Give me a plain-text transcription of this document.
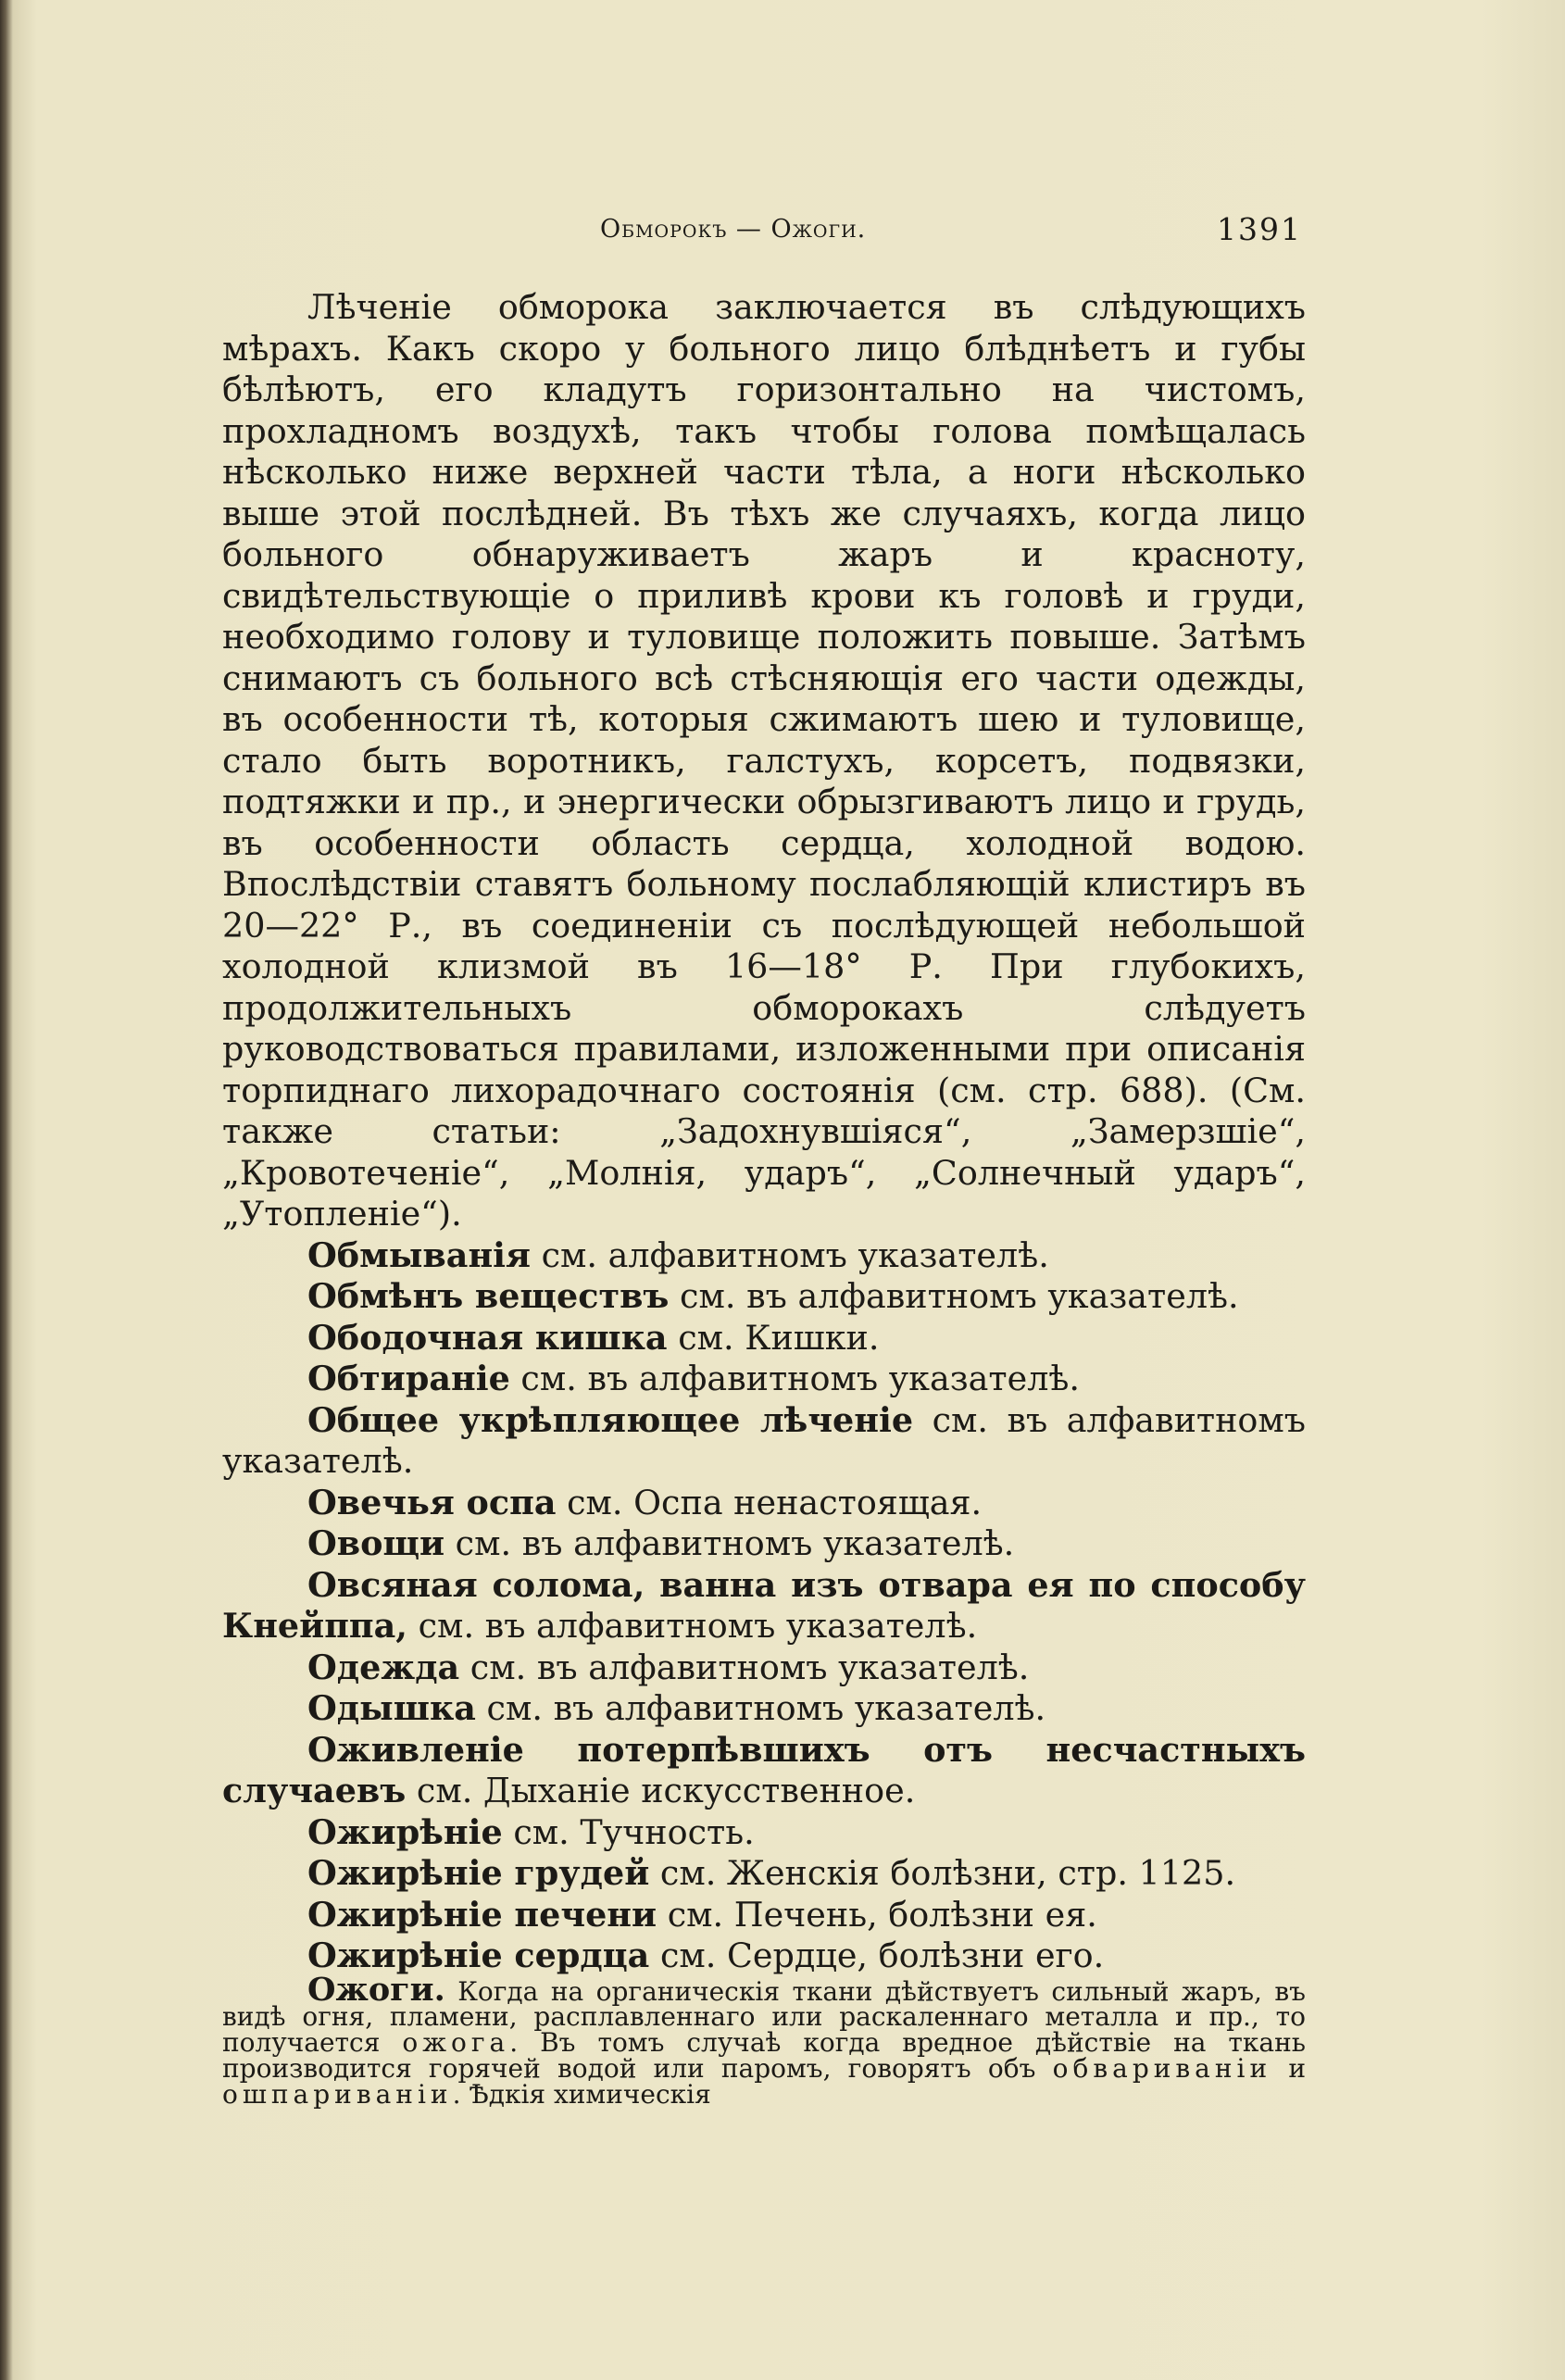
Обморокъ — Ожоги.	1391

Лѣченіе обморока заключается въ слѣдующихъ мѣрахъ. Какъ скоро у больного лицо блѣднѣетъ и губы бѣлѣютъ, его кладутъ горизонтально на чистомъ, прохладномъ воздухѣ, такъ чтобы голова помѣщалась нѣсколько ниже верхней части тѣла, а ноги нѣсколько выше этой послѣдней. Въ тѣхъ же случаяхъ, когда лицо больного обнаруживаетъ жаръ и красноту, свидѣтельствующіе о приливѣ крови къ головѣ и груди, необходимо голову и туловище положить повыше. Затѣмъ снимаютъ съ больного всѣ стѣсняющія его части одежды, въ особенности тѣ, которыя сжимаютъ шею и туловище, стало быть воротникъ, галстухъ, корсетъ, подвязки, подтяжки и пр., и энергически обрызгиваютъ лицо и грудь, въ особенности область сердца, холодной водою. Впослѣдствіи ставятъ больному послабляющій клистиръ въ 20—22° Р., въ соединеніи съ послѣдующей небольшой холодной клизмой въ 16—18° Р. При глубокихъ, продолжительныхъ обморокахъ слѣдуетъ руководствоваться правилами, изложенными при описанія торпиднаго лихорадочнаго состоянія (см. стр. 688). (См. также статьи: „Задохнувшіяся“, „Замерзшіе“, „Кровотеченіе“, „Молнія, ударъ“, „Солнечный ударъ“, „Утопленіе“).

Обмыванія см. алфавитномъ указателѣ.

Обмѣнъ веществъ см. въ алфавитномъ указателѣ.

Ободочная кишка см. Кишки.

Обтираніе см. въ алфавитномъ указателѣ.

Общее укрѣпляющее лѣченіе см. въ алфавитномъ указателѣ.

Овечья оспа см. Оспа ненастоящая.

Овощи см. въ алфавитномъ указателѣ.

Овсяная солома, ванна изъ отвара ея по способу Кнейппа, см. въ алфавитномъ указателѣ.

Одежда см. въ алфавитномъ указателѣ.

Одышка см. въ алфавитномъ указателѣ.

Оживленіе потерпѣвшихъ отъ несчастныхъ случаевъ см. Дыханіе искусственное.

Ожирѣніе см. Тучность.

Ожирѣніе грудей см. Женскія болѣзни, стр. 1125.

Ожирѣніе печени см. Печень, болѣзни ея.

Ожирѣніе сердца см. Сердце, болѣзни его.

Ожоги. Когда на органическія ткани дѣйствуетъ сильный жаръ, въ видѣ огня, пламени, расплавленнаго или раскаленнаго металла и пр., то получается ожога. Въ томъ случаѣ когда вредное дѣйствіе на ткань производится горячей водой или паромъ, говорятъ объ обвариваніи и ошпариваніи. Ѣдкія химическія
